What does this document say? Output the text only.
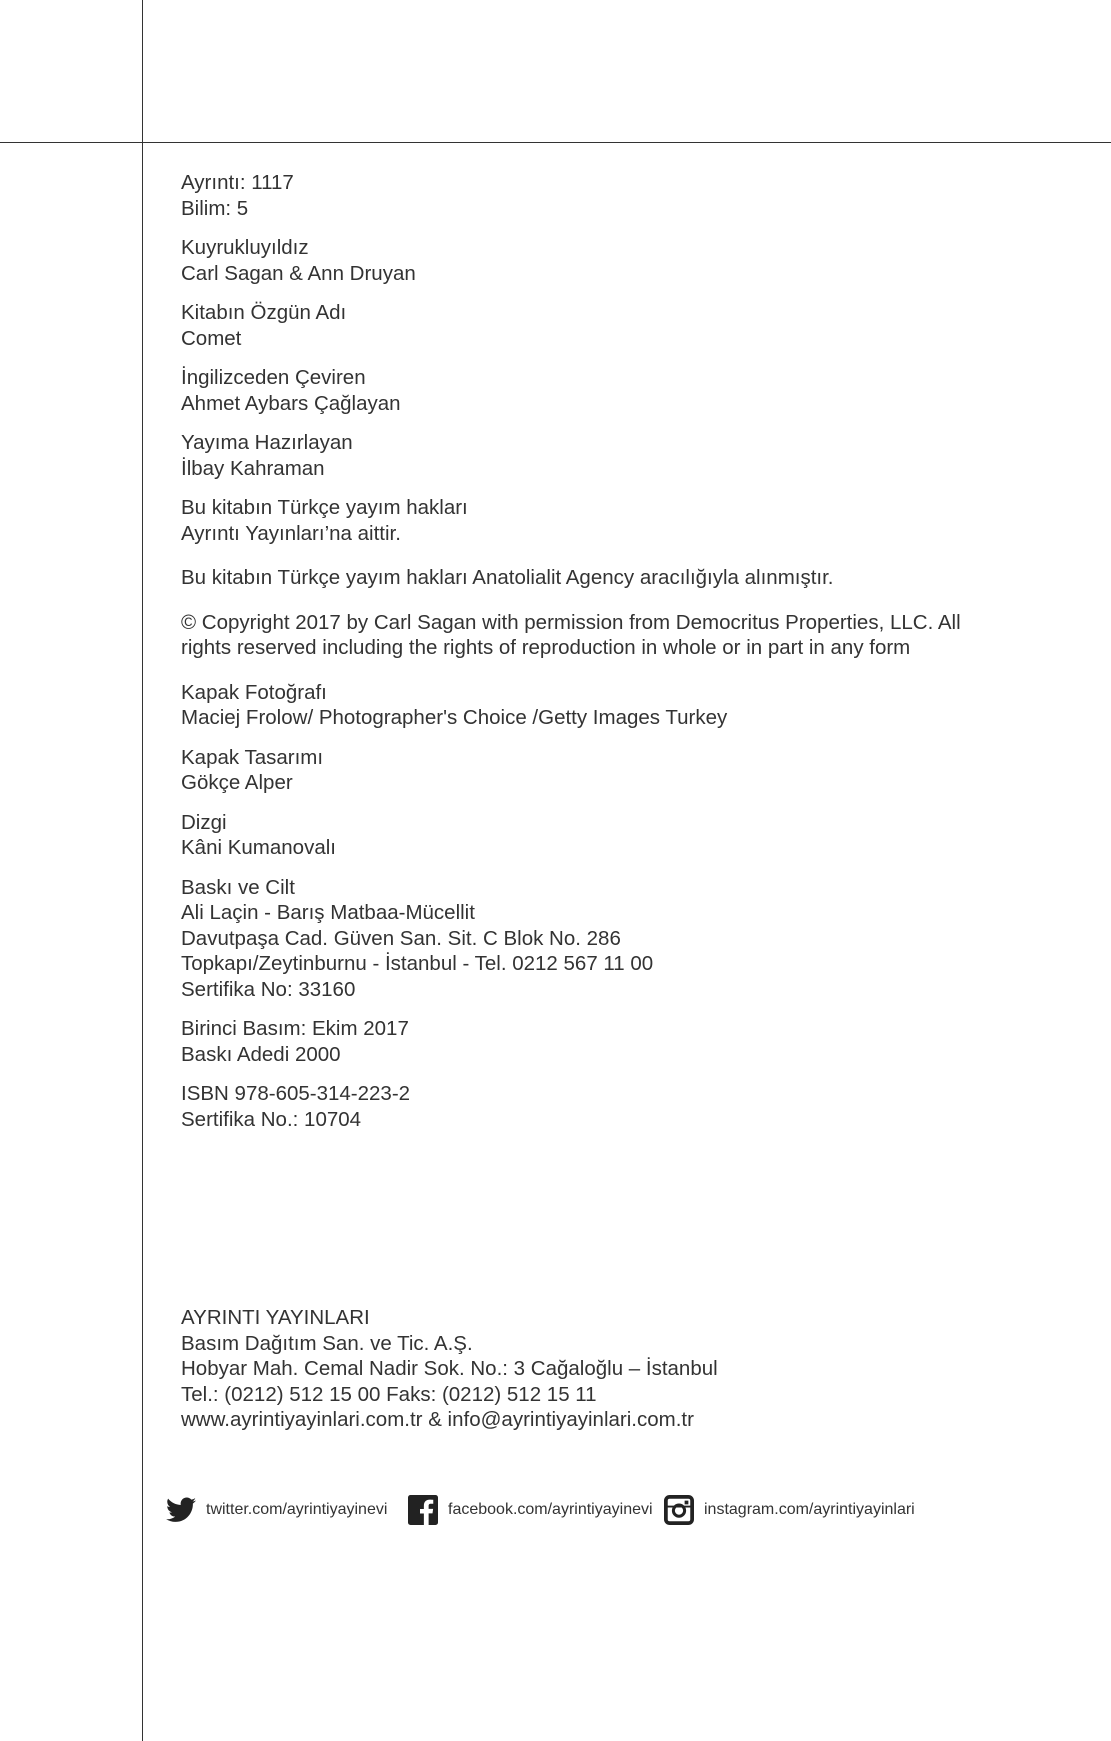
Ayrıntı: 1117
Bilim: 5
Kuyrukluyıldız
Carl Sagan & Ann Druyan
Kitabın Özgün Adı
Comet
İngilizceden Çeviren
Ahmet Aybars Çağlayan
Yayıma Hazırlayan
İlbay Kahraman
Bu kitabın Türkçe yayım hakları
Ayrıntı Yayınları’na aittir.
Bu kitabın Türkçe yayım hakları Anatolialit Agency aracılığıyla alınmıştır.
© Copyright 2017 by Carl Sagan with permission from Democritus Properties, LLC. All rights reserved including the rights of reproduction in whole or in part in any form
Kapak Fotoğrafı
Maciej Frolow/ Photographer's Choice /Getty Images Turkey
Kapak Tasarımı
Gökçe Alper
Dizgi
Kâni Kumanovalı
Baskı ve Cilt
Ali Laçin - Barış Matbaa-Mücellit
Davutpaşa Cad. Güven San. Sit. C Blok No. 286
Topkapı/Zeytinburnu - İstanbul - Tel. 0212 567 11 00
Sertifika No: 33160
Birinci Basım: Ekim 2017
Baskı Adedi 2000
ISBN 978-605-314-223-2
Sertifika No.: 10704
AYRINTI YAYINLARI
Basım Dağıtım San. ve Tic. A.Ş.
Hobyar Mah. Cemal Nadir Sok. No.: 3 Cağaloğlu – İstanbul
Tel.: (0212) 512 15 00 Faks: (0212) 512 15 11
www.ayrintiyayinlari.com.tr & info@ayrintiyayinlari.com.tr
twitter.com/ayrintiyayinevi	facebook.com/ayrintiyayinevi	instagram.com/ayrintiyayinlari
